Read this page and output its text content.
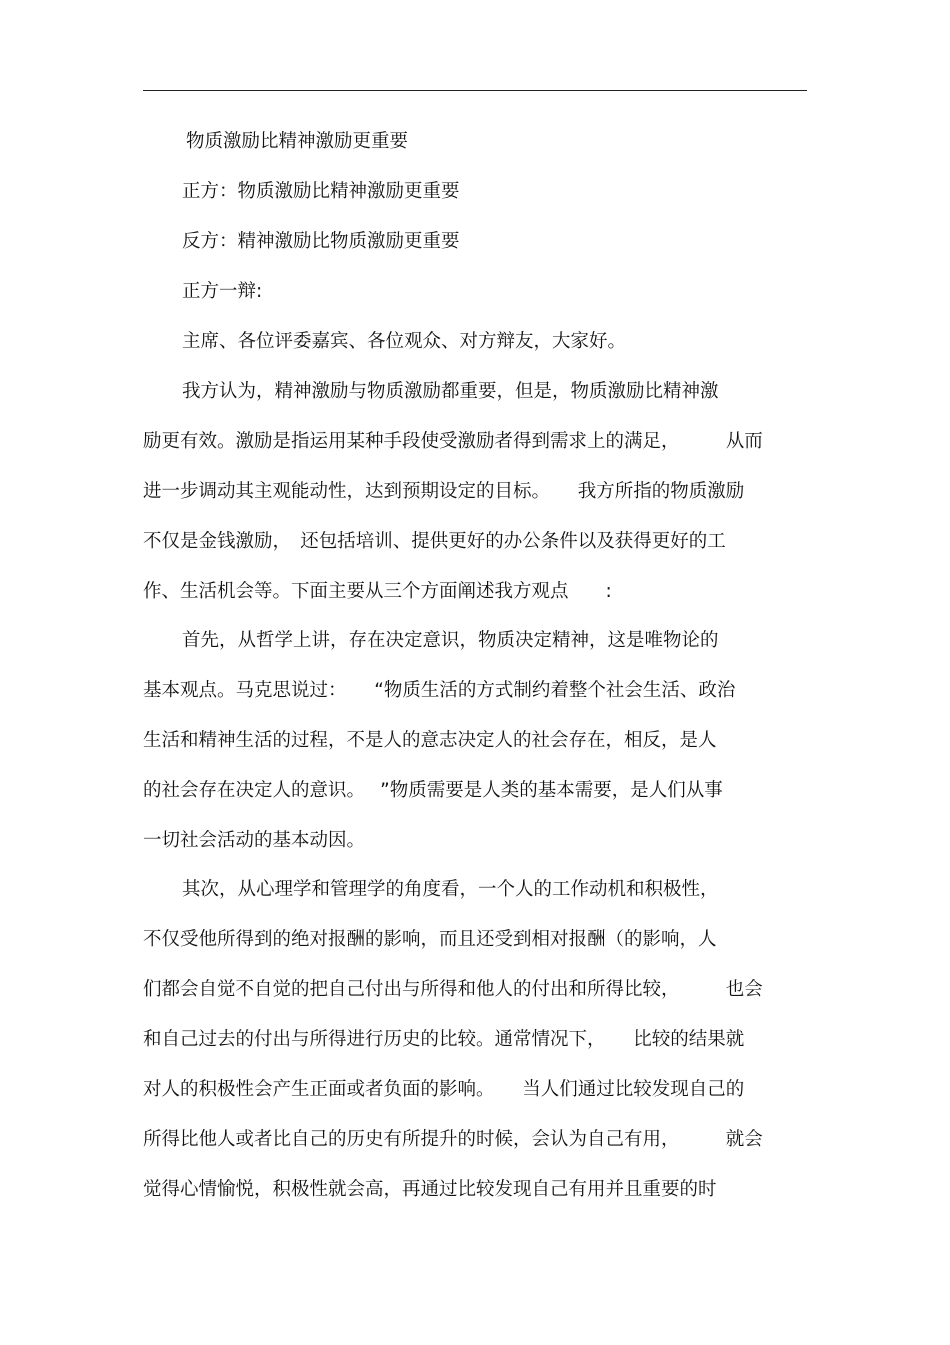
物质激励比精神激励更重要
正方：物质激励比精神激励更重要
反方：精神激励比物质激励更重要
正方一辩:
主席、各位评委嘉宾、各位观众、对方辩友，大家好。
我方认为，精神激励与物质激励都重要，但是，物质激励比精神激
励更有效。激励是指运用某种手段使受激励者得到需求上的满足，　　　从而
进一步调动其主观能动性，达到预期设定的目标。　　我方所指的物质激励
不仅是金钱激励，　还包括培训、提供更好的办公条件以及获得更好的工
作、生活机会等。下面主要从三个方面阐述我方观点　　:
首先，从哲学上讲，存在决定意识，物质决定精神，这是唯物论的
基本观点。马克思说过：　　“物质生活的方式制约着整个社会生活、政治
生活和精神生活的过程，不是人的意志决定人的社会存在，相反，是人
的社会存在决定人的意识。　 ”物质需要是人类的基本需要，是人们从事
一切社会活动的基本动因。
其次，从心理学和管理学的角度看，一个人的工作动机和积极性，
不仅受他所得到的绝对报酬的影响，而且还受到相对报酬（的影响，人
们都会自觉不自觉的把自己付出与所得和他人的付出和所得比较，　　　也会
和自己过去的付出与所得进行历史的比较。通常情况下，　　比较的结果就
对人的积极性会产生正面或者负面的影响。　　当人们通过比较发现自己的
所得比他人或者比自己的历史有所提升的时候，会认为自己有用，　　　就会
觉得心情愉悦，积极性就会高，再通过比较发现自己有用并且重要的时
